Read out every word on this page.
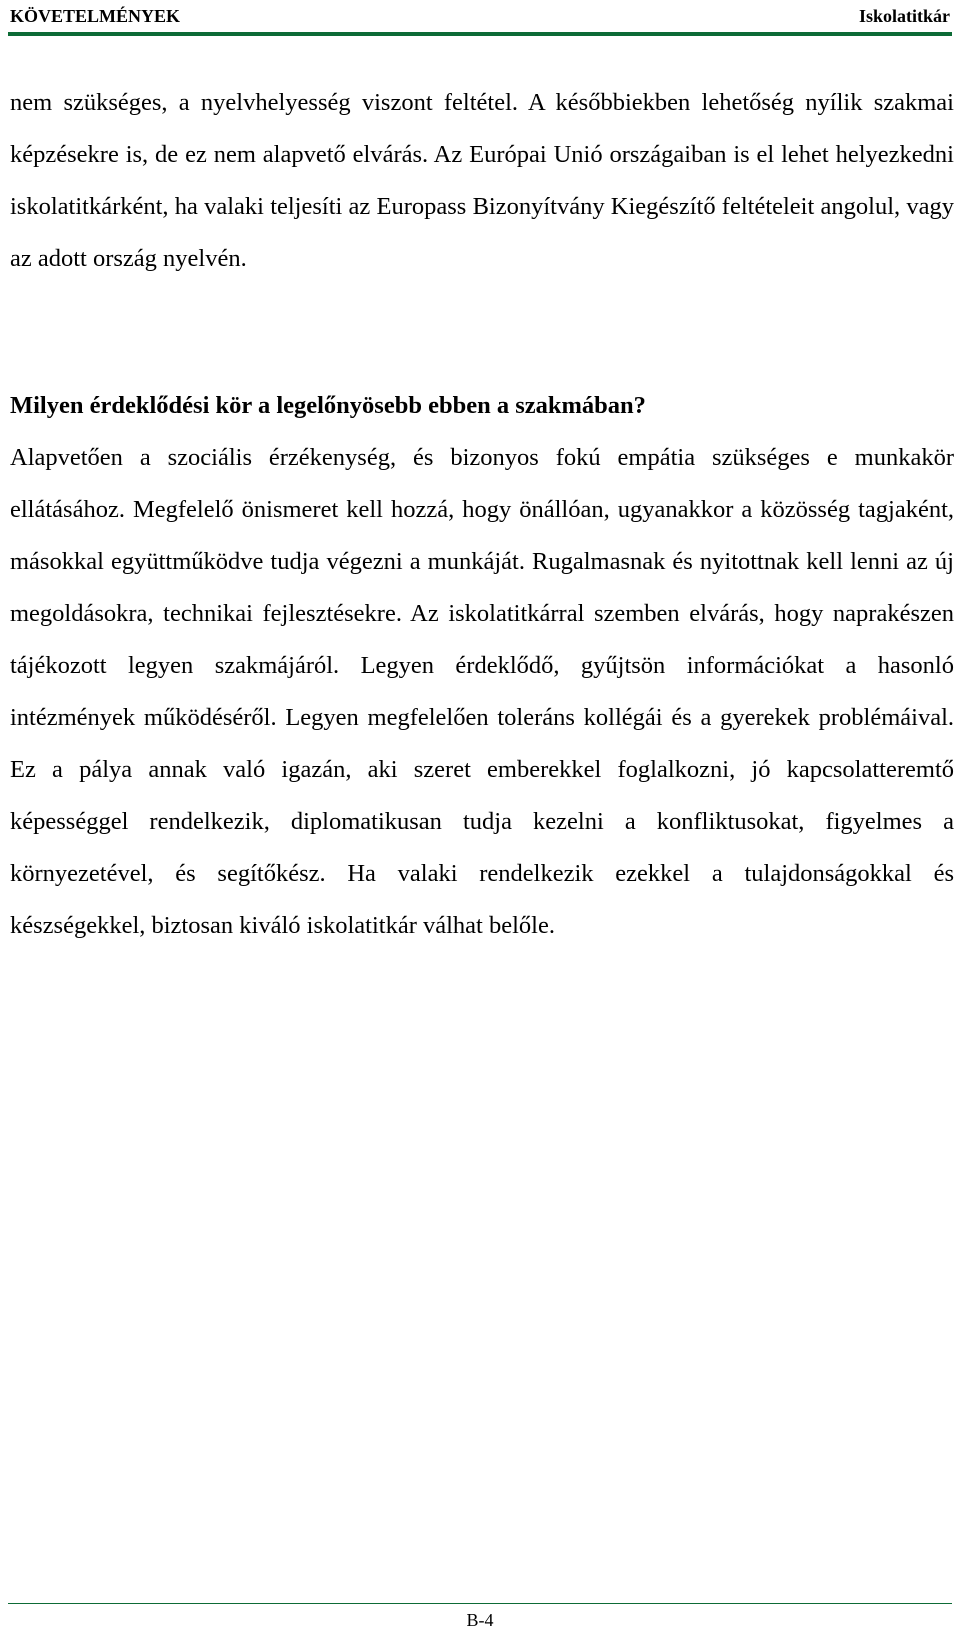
KÖVETELMÉNYEK	Iskolatitkár

nem szükséges, a nyelvhelyesség viszont feltétel. A későbbiekben lehetőség nyílik szakmai képzésekre is, de ez nem alapvető elvárás. Az Európai Unió országaiban is el lehet helyezkedni iskolatitkárként, ha valaki teljesíti az Europass Bizonyítvány Kiegészítő feltételeit angolul, vagy az adott ország nyelvén.

Milyen érdeklődési kör a legelőnyösebb ebben a szakmában?

Alapvetően a szociális érzékenység, és bizonyos fokú empátia szükséges e munkakör ellátásához. Megfelelő önismeret kell hozzá, hogy önállóan, ugyanakkor a közösség tagjaként, másokkal együttműködve tudja végezni a munkáját. Rugalmasnak és nyitottnak kell lenni az új megoldásokra, technikai fejlesztésekre. Az iskolatitkárral szemben elvárás, hogy naprakészen tájékozott legyen szakmájáról. Legyen érdeklődő, gyűjtsön információkat a hasonló intézmények működéséről. Legyen megfelelően toleráns kollégái és a gyerekek problémáival. Ez a pálya annak való igazán, aki szeret emberekkel foglalkozni, jó kapcsolatteremtő képességgel rendelkezik, diplomatikusan tudja kezelni a konfliktusokat, figyelmes a környezetével, és segítőkész. Ha valaki rendelkezik ezekkel a tulajdonságokkal és készségekkel, biztosan kiváló iskolatitkár válhat belőle.

B-4
